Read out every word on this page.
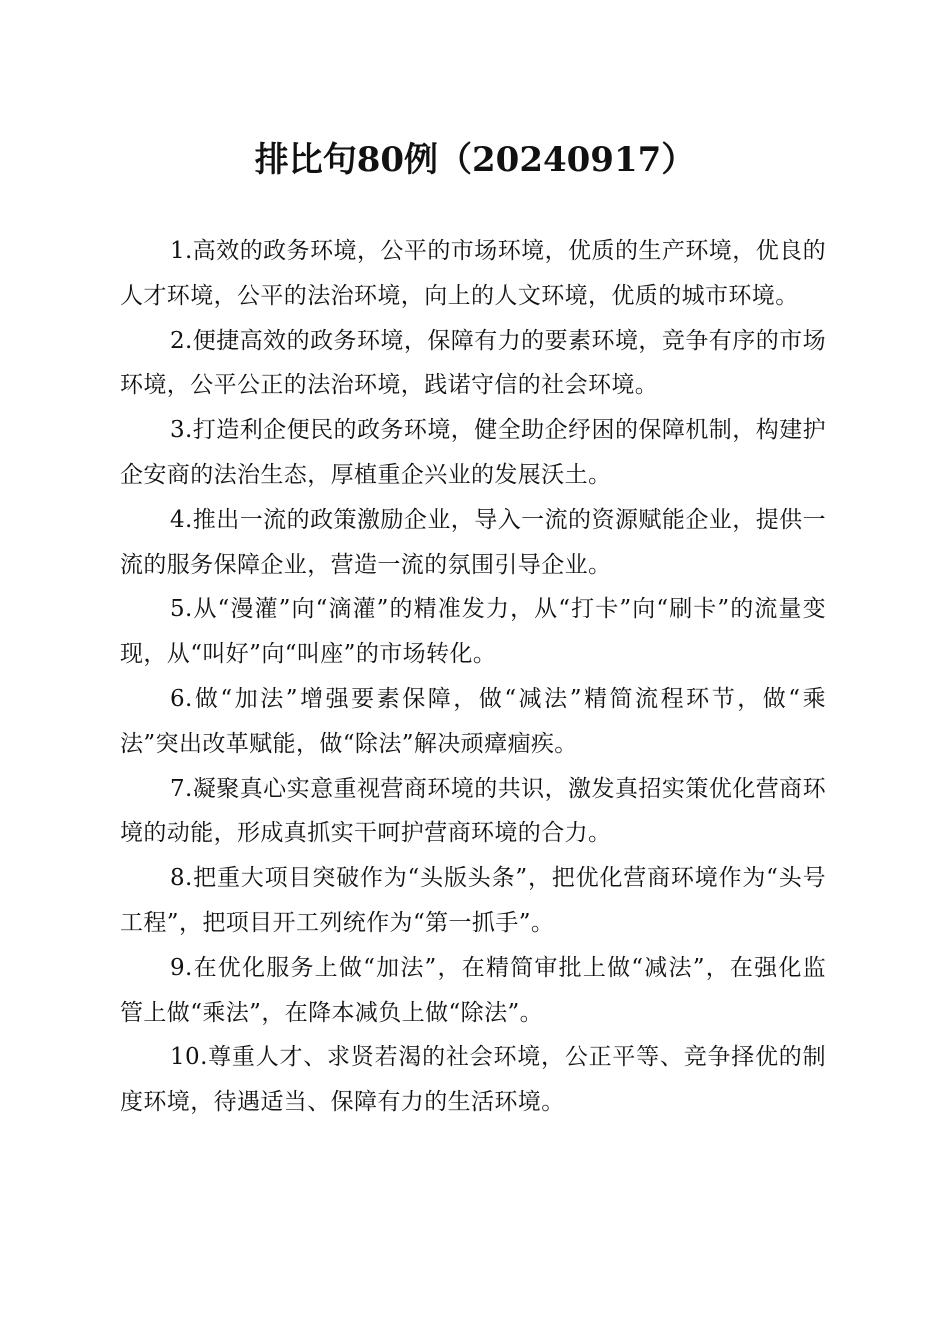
排比句80例（20240917）

1.高效的政务环境，公平的市场环境，优质的生产环境，优良的人才环境，公平的法治环境，向上的人文环境，优质的城市环境。

2.便捷高效的政务环境，保障有力的要素环境，竞争有序的市场环境，公平公正的法治环境，践诺守信的社会环境。

3.打造利企便民的政务环境，健全助企纾困的保障机制，构建护企安商的法治生态，厚植重企兴业的发展沃土。

4.推出一流的政策激励企业，导入一流的资源赋能企业，提供一流的服务保障企业，营造一流的氛围引导企业。

5.从“漫灌”向“滴灌”的精准发力，从“打卡”向“刷卡”的流量变现，从“叫好”向“叫座”的市场转化。

6.做“加法”增强要素保障，做“减法”精简流程环节，做“乘法”突出改革赋能，做“除法”解决顽瘴痼疾。

7.凝聚真心实意重视营商环境的共识，激发真招实策优化营商环境的动能，形成真抓实干呵护营商环境的合力。

8.把重大项目突破作为“头版头条”，把优化营商环境作为“头号工程”，把项目开工列统作为“第一抓手”。

9.在优化服务上做“加法”，在精简审批上做“减法”，在强化监管上做“乘法”，在降本减负上做“除法”。

10.尊重人才、求贤若渴的社会环境，公正平等、竞争择优的制度环境，待遇适当、保障有力的生活环境。
